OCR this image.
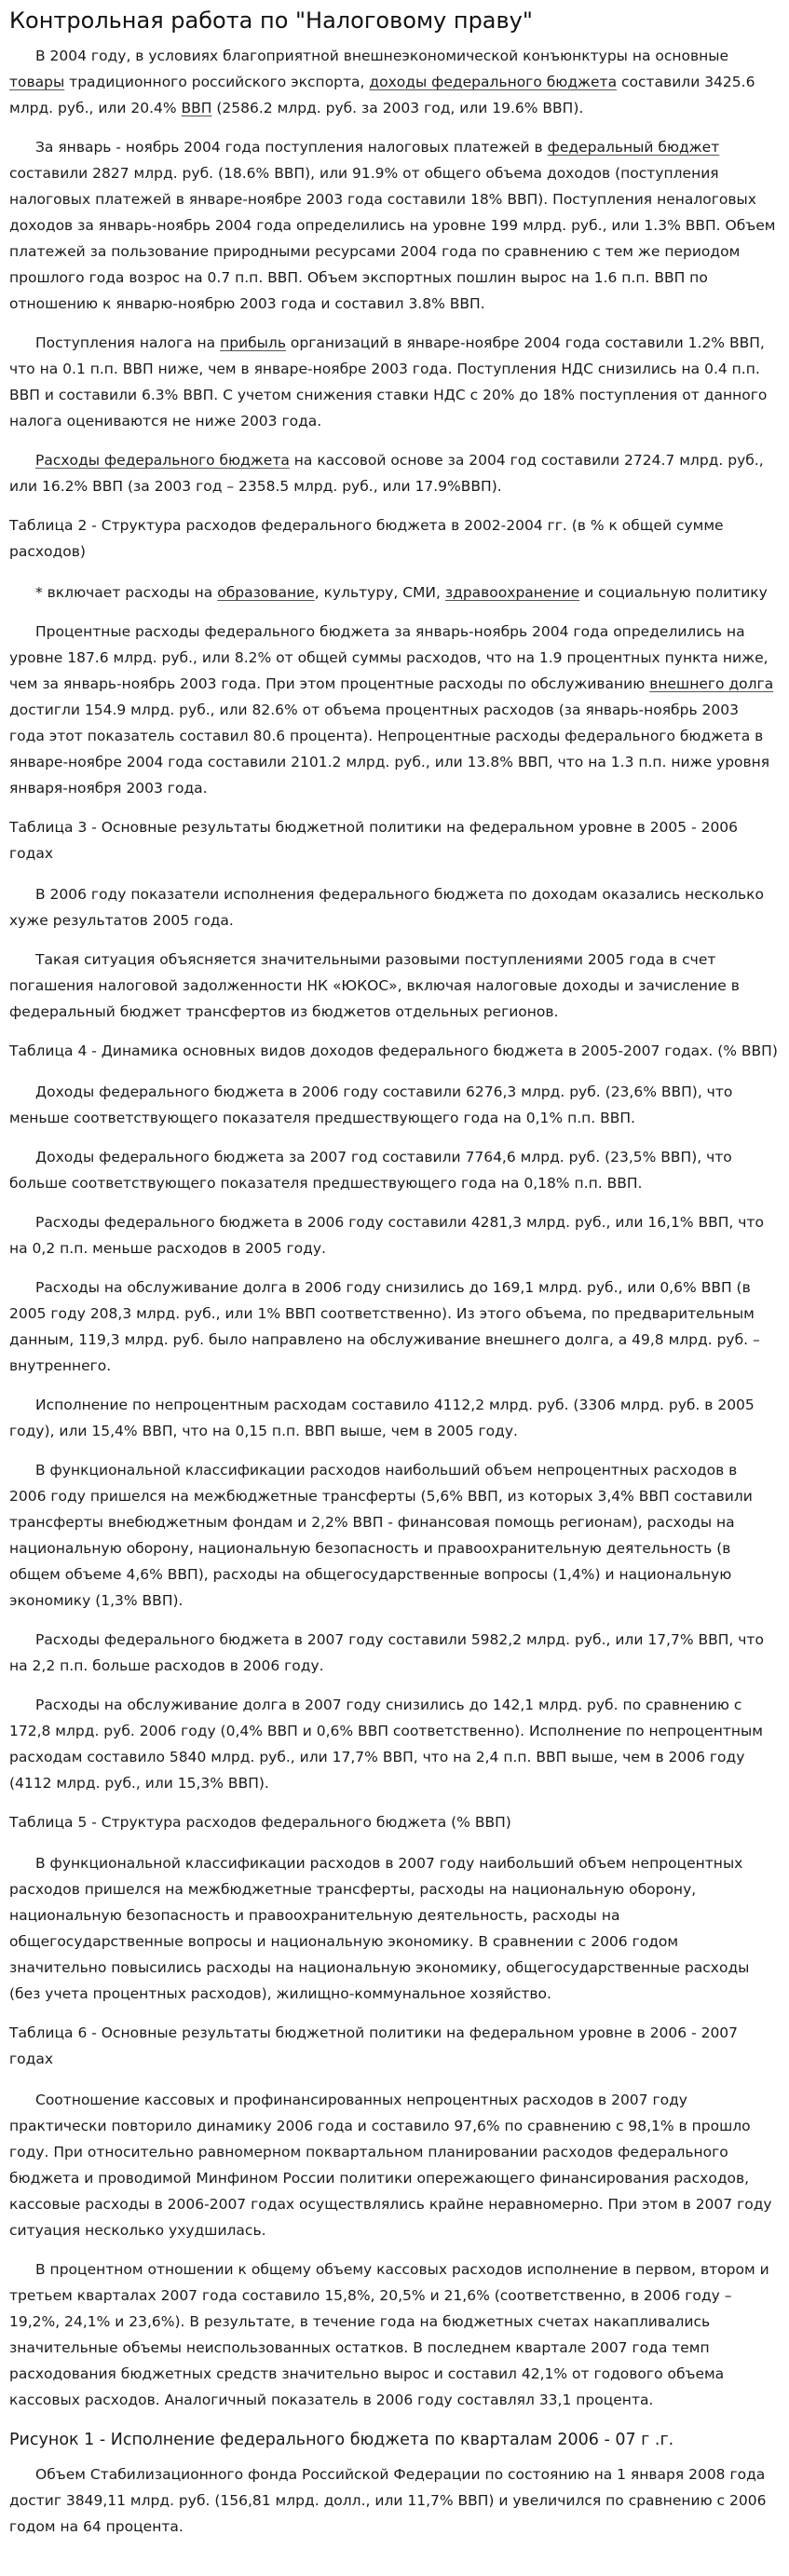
Контрольная работа по "Налоговому праву"

В 2004 году, в условиях благоприятной внешнеэкономической конъюнктуры на основные товары традиционного российского экспорта, доходы федерального бюджета составили 3425.6 млрд. руб., или 20.4% ВВП (2586.2 млрд. руб. за 2003 год, или 19.6% ВВП).

За январь - ноябрь 2004 года поступления налоговых платежей в федеральный бюджет составили 2827 млрд. руб. (18.6% ВВП), или 91.9% от общего объема доходов (поступления налоговых платежей в январе-ноябре 2003 года составили 18% ВВП). Поступления неналоговых доходов за январь-ноябрь 2004 года определились на уровне 199 млрд. руб., или 1.3% ВВП. Объем платежей за пользование природными ресурсами 2004 года по сравнению с тем же периодом прошлого года возрос на 0.7 п.п. ВВП. Объем экспортных пошлин вырос на 1.6 п.п. ВВП по отношению к январю-ноябрю 2003 года и составил 3.8% ВВП.

Поступления налога на прибыль организаций в январе-ноябре 2004 года составили 1.2% ВВП, что на 0.1 п.п. ВВП ниже, чем в январе-ноябре 2003 года. Поступления НДС снизились на 0.4 п.п. ВВП и составили 6.3% ВВП. С учетом снижения ставки НДС с 20% до 18% поступления от данного налога оцениваются не ниже 2003 года.

Расходы федерального бюджета на кассовой основе за 2004 год составили 2724.7 млрд. руб., или 16.2% ВВП (за 2003 год – 2358.5 млрд. руб., или 17.9%ВВП).

Таблица 2 - Структура расходов федерального бюджета в 2002-2004 гг. (в % к общей сумме расходов)

* включает расходы на образование, культуру, СМИ, здравоохранение и социальную политику

Процентные расходы федерального бюджета за январь-ноябрь 2004 года определились на уровне 187.6 млрд. руб., или 8.2% от общей суммы расходов, что на 1.9 процентных пункта ниже, чем за январь-ноябрь 2003 года. При этом процентные расходы по обслуживанию внешнего долга достигли 154.9 млрд. руб., или 82.6% от объема процентных расходов (за январь-ноябрь 2003 года этот показатель составил 80.6 процента). Непроцентные расходы федерального бюджета в январе-ноябре 2004 года составили 2101.2 млрд. руб., или 13.8% ВВП, что на 1.3 п.п. ниже уровня января-ноября 2003 года.

Таблица 3 - Основные результаты бюджетной политики на федеральном уровне в 2005 - 2006 годах

В 2006 году показатели исполнения федерального бюджета по доходам оказались несколько хуже результатов 2005 года.

Такая ситуация объясняется значительными разовыми поступлениями 2005 года в счет погашения налоговой задолженности НК «ЮКОС», включая налоговые доходы и зачисление в федеральный бюджет трансфертов из бюджетов отдельных регионов.

Таблица 4 - Динамика основных видов доходов федерального бюджета в 2005-2007 годах. (% ВВП)

Доходы федерального бюджета в 2006 году составили 6276,3 млрд. руб. (23,6% ВВП), что меньше соответствующего показателя предшествующего года на 0,1% п.п. ВВП.

Доходы федерального бюджета за 2007 год составили 7764,6 млрд. руб. (23,5% ВВП), что больше соответствующего показателя предшествующего года на 0,18% п.п. ВВП.

Расходы федерального бюджета в 2006 году составили 4281,3 млрд. руб., или 16,1% ВВП, что на 0,2 п.п. меньше расходов в 2005 году.

Расходы на обслуживание долга в 2006 году снизились до 169,1 млрд. руб., или 0,6% ВВП (в 2005 году 208,3 млрд. руб., или 1% ВВП соответственно). Из этого объема, по предварительным данным, 119,3 млрд. руб. было направлено на обслуживание внешнего долга, а 49,8 млрд. руб. – внутреннего.

Исполнение по непроцентным расходам составило 4112,2 млрд. руб. (3306 млрд. руб. в 2005 году), или 15,4% ВВП, что на 0,15 п.п. ВВП выше, чем в 2005 году.

В функциональной классификации расходов наибольший объем непроцентных расходов в 2006 году пришелся на межбюджетные трансферты (5,6% ВВП, из которых 3,4% ВВП составили трансферты внебюджетным фондам и 2,2% ВВП - финансовая помощь регионам), расходы на национальную оборону, национальную безопасность и правоохранительную деятельность (в общем объеме 4,6% ВВП), расходы на общегосударственные вопросы (1,4%) и национальную экономику (1,3% ВВП).

Расходы федерального бюджета в 2007 году составили 5982,2 млрд. руб., или 17,7% ВВП, что на 2,2 п.п. больше расходов в 2006 году.

Расходы на обслуживание долга в 2007 году снизились до 142,1 млрд. руб. по сравнению с 172,8 млрд. руб. 2006 году (0,4% ВВП и 0,6% ВВП соответственно). Исполнение по непроцентным расходам составило 5840 млрд. руб., или 17,7% ВВП, что на 2,4 п.п. ВВП выше, чем в 2006 году (4112 млрд. руб., или 15,3% ВВП).

Таблица 5 - Структура расходов федерального бюджета (% ВВП)

В функциональной классификации расходов в 2007 году наибольший объем непроцентных расходов пришелся на межбюджетные трансферты, расходы на национальную оборону, национальную безопасность и правоохранительную деятельность, расходы на общегосударственные вопросы и национальную экономику. В сравнении с 2006 годом значительно повысились расходы на национальную экономику, общегосударственные расходы (без учета процентных расходов), жилищно-коммунальное хозяйство.

Таблица 6 - Основные результаты бюджетной политики на федеральном уровне в 2006 - 2007 годах

Соотношение кассовых и профинансированных непроцентных расходов в 2007 году практически повторило динамику 2006 года и составило 97,6% по сравнению с 98,1% в прошло году. При относительно равномерном поквартальном планировании расходов федерального бюджета и проводимой Минфином России политики опережающего финансирования расходов, кассовые расходы в 2006-2007 годах осуществлялись крайне неравномерно. При этом в 2007 году ситуация несколько ухудшилась.

В процентном отношении к общему объему кассовых расходов исполнение в первом, втором и третьем кварталах 2007 года составило 15,8%, 20,5% и 21,6% (соответственно, в 2006 году – 19,2%, 24,1% и 23,6%). В результате, в течение года на бюджетных счетах накапливались значительные объемы неиспользованных остатков. В последнем квартале 2007 года темп расходования бюджетных средств значительно вырос и составил 42,1% от годового объема кассовых расходов. Аналогичный показатель в 2006 году составлял 33,1 процента.

Рисунок 1 - Исполнение федерального бюджета по кварталам 2006 - 07 г .г.

Объем Стабилизационного фонда Российской Федерации по состоянию на 1 января 2008 года достиг 3849,11 млрд. руб. (156,81 млрд. долл., или 11,7% ВВП) и увеличился по сравнению с 2006 годом на 64 процента.
